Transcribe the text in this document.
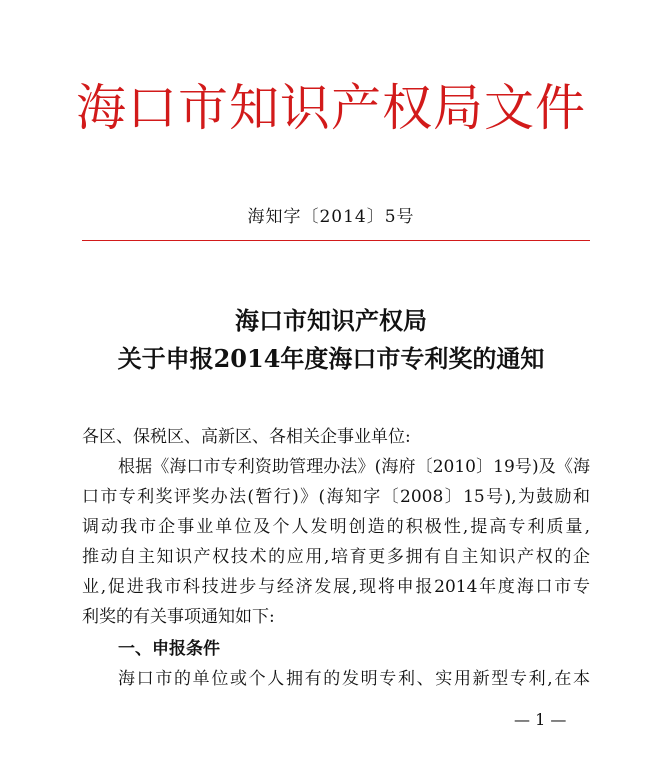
海口市知识产权局文件
海知字〔2014〕5号
海口市知识产权局
关于申报2014年度海口市专利奖的通知
各区、保税区、高新区、各相关企事业单位:
根据《海口市专利资助管理办法》(海府〔2010〕19号)及《海
口市专利奖评奖办法(暂行)》(海知字〔2008〕15号),为鼓励和
调动我市企事业单位及个人发明创造的积极性,提高专利质量,
推动自主知识产权技术的应用,培育更多拥有自主知识产权的企
业,促进我市科技进步与经济发展,现将申报2014年度海口市专
利奖的有关事项通知如下:
一、申报条件
海口市的单位或个人拥有的发明专利、实用新型专利,在本
— 1 —
